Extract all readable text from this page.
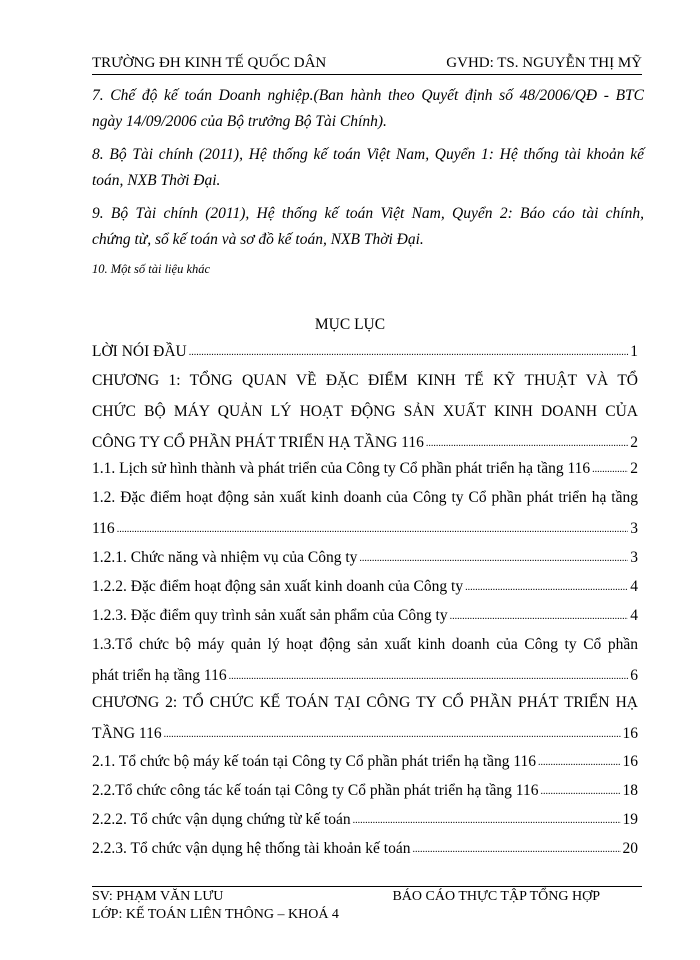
TRƯỜNG ĐH KINH TẾ QUỐC DÂN	GVHD: TS. NGUYỄN THỊ MỸ
7. Chế độ kế toán Doanh nghiệp.(Ban hành theo Quyết định số 48/2006/QĐ - BTC
ngày 14/09/2006 của Bộ trưởng Bộ Tài Chính).
8. Bộ Tài chính (2011), Hệ thống kế toán Việt Nam, Quyển 1: Hệ thống tài khoản kế
toán, NXB Thời Đại.
9. Bộ Tài chính (2011), Hệ thống kế toán Việt Nam, Quyển 2: Báo cáo tài chính,
chứng từ, sổ kế toán và sơ đồ kế toán, NXB Thời Đại.
10. Một số tài liệu khác
MỤC LỤC
LỜI NÓI ĐẦU .....	1
CHƯƠNG 1: TỔNG QUAN VỀ ĐẶC ĐIỂM KINH TẾ KỸ THUẬT VÀ TỔ
CHỨC BỘ MÁY QUẢN LÝ HOẠT ĐỘNG SẢN XUẤT KINH DOANH CỦA
CÔNG TY CỔ PHẦN PHÁT TRIỂN HẠ TẦNG 116 .....	2
1.1. Lịch sử hình thành và phát triển của Công ty Cổ phần phát triển hạ tầng 116 .....	2
1.2. Đặc điểm hoạt động sản xuất kinh doanh của Công ty Cổ phần phát triển hạ tầng
116 .....	3
1.2.1. Chức năng và nhiệm vụ của Công ty .....	3
1.2.2. Đặc điểm hoạt động sản xuất kinh doanh của Công ty .....	4
1.2.3. Đặc điểm quy trình sản xuất sản phẩm của Công ty .....	4
1.3.Tổ chức bộ máy quản lý hoạt động sản xuất kinh doanh của Công ty Cổ phần
phát triển hạ tầng 116 .....	6
CHƯƠNG 2: TỔ CHỨC KẾ TOÁN TẠI CÔNG TY CỔ PHẦN PHÁT TRIỂN HẠ
TẦNG 116 .....	16
2.1. Tổ chức bộ máy kế toán tại Công ty Cổ phần phát triển hạ tầng 116 .....	16
2.2.Tổ chức công tác kế toán tại Công ty Cổ phần phát triển hạ tầng 116 .....	18
2.2.2. Tổ chức vận dụng chứng từ kế toán .....	19
2.2.3. Tổ chức vận dụng hệ thống tài khoản kế toán .....	20
SV: PHẠM VĂN LƯU	BÁO CÁO THỰC TẬP TỔNG HỢP
LỚP: KẾ TOÁN LIÊN THÔNG – KHOÁ 4
